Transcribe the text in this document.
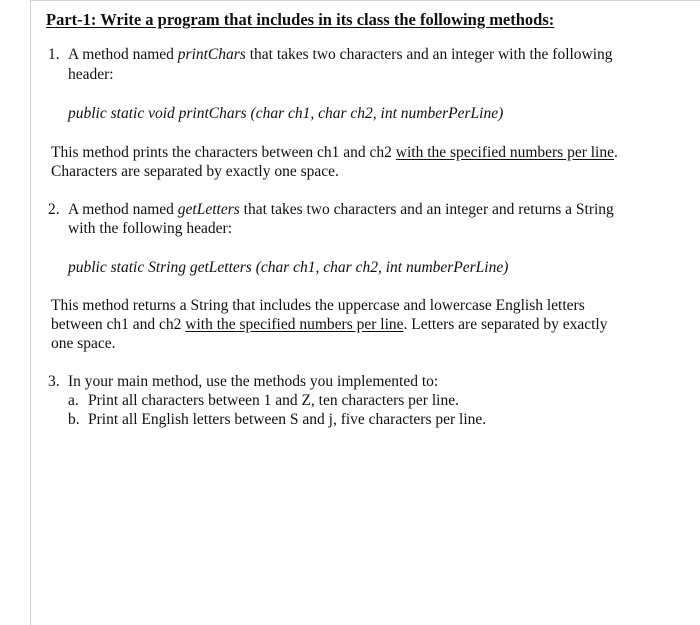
Part-1: Write a program that includes in its class the following methods:
1. A method named printChars that takes two characters and an integer with the following
header:
public static void printChars (char ch1, char ch2, int numberPerLine)
This method prints the characters between ch1 and ch2 with the specified numbers per line.
Characters are separated by exactly one space.
2. A method named getLetters that takes two characters and an integer and returns a String
with the following header:
public static String getLetters (char ch1, char ch2, int numberPerLine)
This method returns a String that includes the uppercase and lowercase English letters
between ch1 and ch2 with the specified numbers per line. Letters are separated by exactly
one space.
3. In your main method, use the methods you implemented to:
a. Print all characters between 1 and Z, ten characters per line.
b. Print all English letters between S and j, five characters per line.
